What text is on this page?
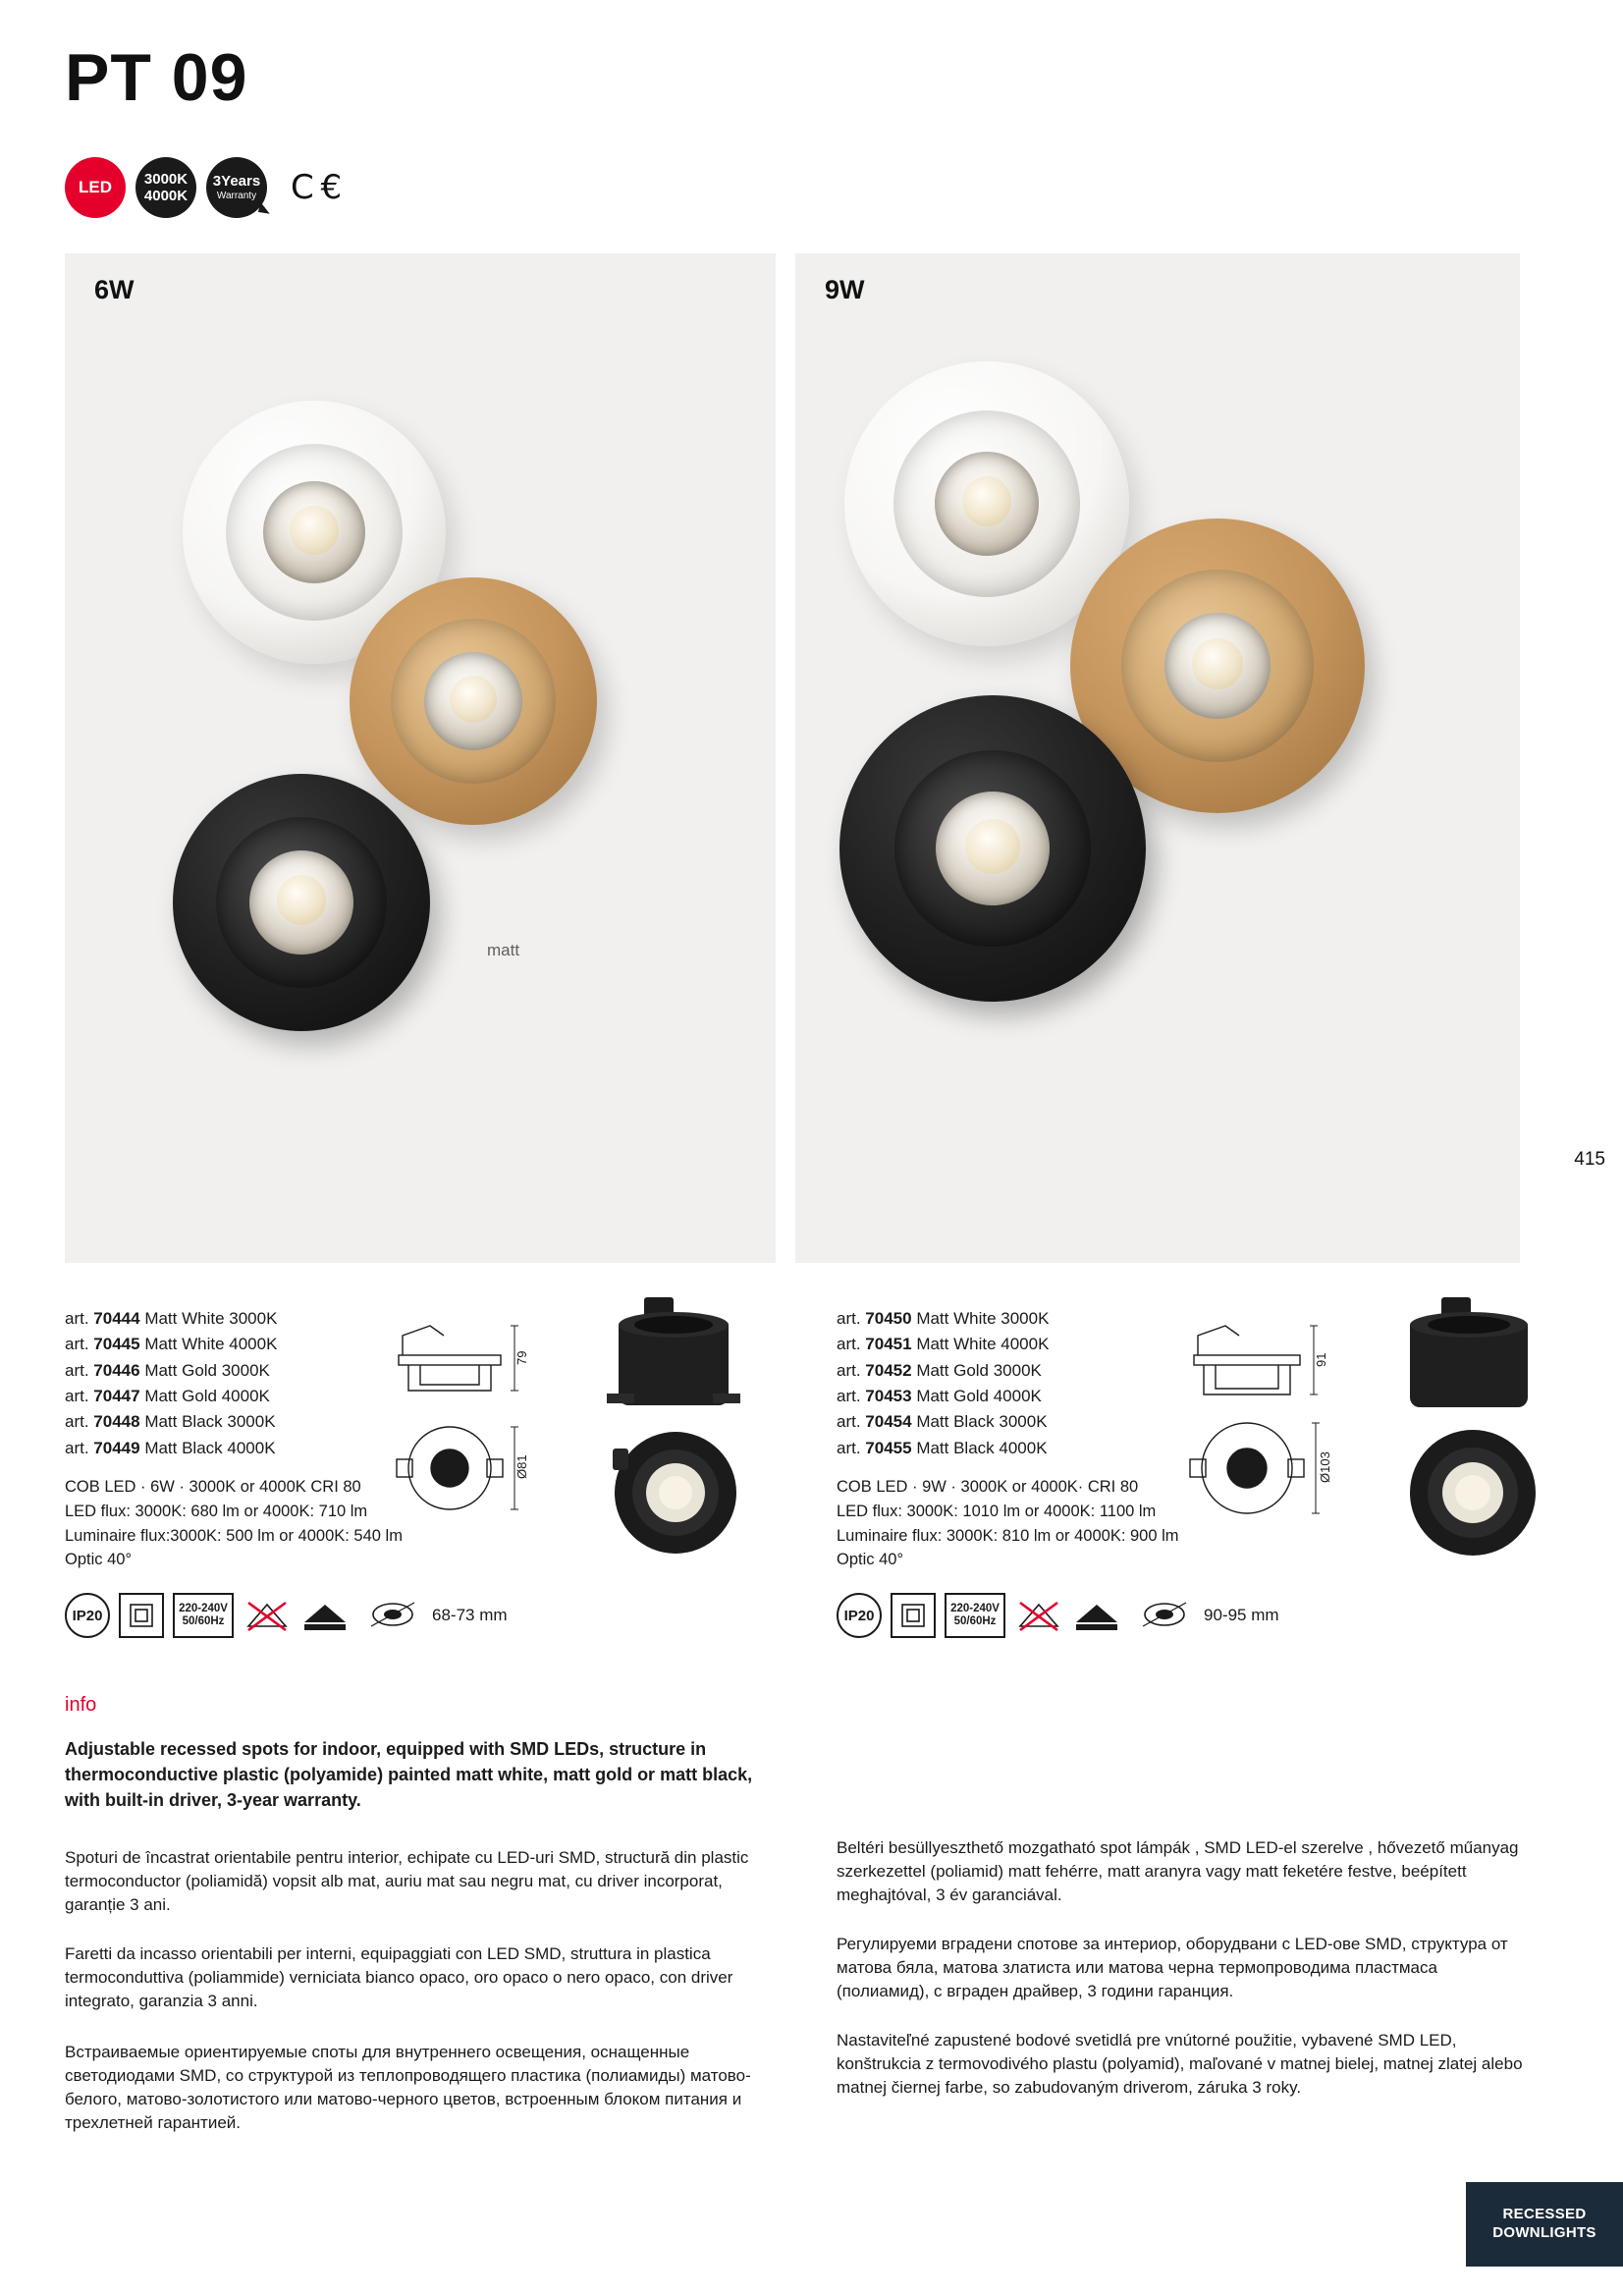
PT 09
LED	3000K
4000K
3Years
Warranty C €
415
6W
matt
9W
art. 70444 Matt White 3000K
art. 70445 Matt White 4000K
art. 70446 Matt Gold 3000K
art. 70447 Matt Gold 4000K
art. 70448 Matt Black 3000K
art. 70449 Matt Black 4000K
COB LED · 6W · 3000K or 4000K CRI 80
LED flux: 3000K: 680 lm or 4000K: 710 lm
Luminaire flux:3000K: 500 lm or 4000K: 540 lm
Optic 40°
79
Ø81
IP20	220-240V
50/60Hz	68-73 mm
art. 70450 Matt White 3000K
art. 70451 Matt White 4000K
art. 70452 Matt Gold 3000K
art. 70453 Matt Gold 4000K
art. 70454 Matt Black 3000K
art. 70455 Matt Black 4000K
COB LED · 9W · 3000K or 4000K· CRI 80
LED flux: 3000K: 1010 lm or 4000K: 1100 lm
Luminaire flux: 3000K: 810 lm or 4000K: 900 lm
Optic 40°
91
Ø103
IP20	220-240V
50/60Hz	90-95 mm
info
Adjustable recessed spots for indoor, equipped with SMD LEDs, structure in thermoconductive plastic (polyamide) painted matt white, matt gold or matt black, with built-in driver, 3-year warranty.
Spoturi de încastrat orientabile pentru interior, echipate cu LED-uri SMD, structură din plastic termoconductor (poliamidă) vopsit alb mat, auriu mat sau negru mat, cu driver incorporat, garanție 3 ani.
Faretti da incasso orientabili per interni, equipaggiati con LED SMD, struttura in plastica termoconduttiva (poliammide) verniciata bianco opaco, oro opaco o nero opaco, con driver integrato, garanzia 3 anni.
Встраиваемые ориентируемые споты для внутреннего освещения, оснащенные светодиодами SMD, со структурой из теплопроводящего пластика (полиамиды) матово-белого, матово-золотистого или матово-черного цветов, встроенным блоком питания и трехлетней гарантией.
Beltéri besüllyeszthető mozgatható spot lámpák , SMD LED-el szerelve , hővezető műanyag szerkezettel (poliamid) matt fehérre, matt aranyra vagy matt feketére festve, beépített meghajtóval, 3 év garanciával.
Регулируеми вградени спотове за интериор, оборудвани с LED-ове SMD, структура от матова бяла, матова златиста или матова черна термопроводима пластмаса (полиамид), с вграден драйвер, 3 години гаранция.
Nastaviteľné zapustené bodové svetidlá pre vnútorné použitie, vybavené SMD LED, konštrukcia z termovodivého plastu (polyamid), maľované v matnej bielej, matnej zlatej alebo matnej čiernej farbe, so zabudovaným driverom, záruka 3 roky.
RECESSED
DOWNLIGHTS
